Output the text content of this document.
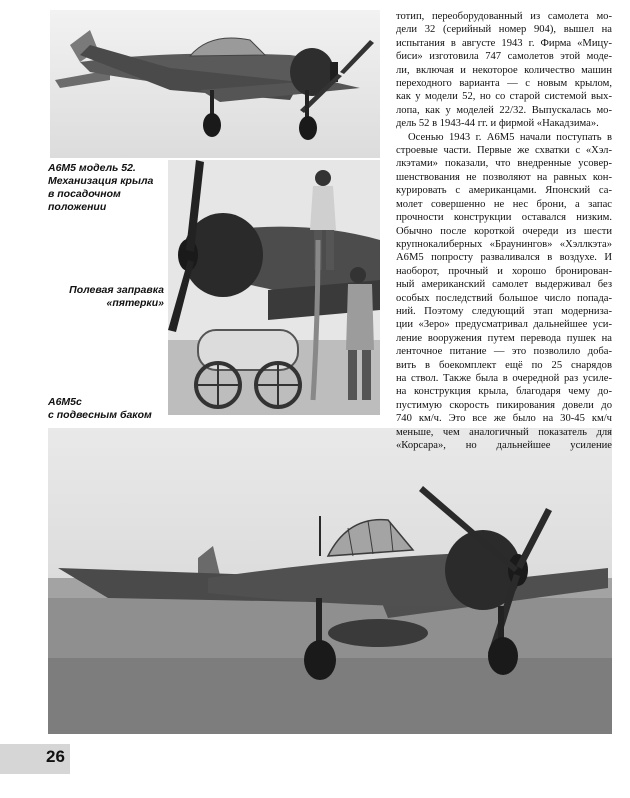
A6M5 модель 52.
Механизация крыла
в посадочном
положении
Полевая заправка
«пятерки»
A6M5c
с подвесным баком
тотип, переоборудованный из самолета мо-
дели 32 (серийный номер 904), вышел на
испытания в августе 1943 г. Фирма «Мицу-
биси» изготовила 747 самолетов этой моде-
ли, включая и некоторое количество машин
переходного варианта — с новым крылом,
как у модели 52, но со старой системой вых-
лопа, как у моделей 22/32. Выпускалась мо-
дель 52 в 1943-44 гг. и фирмой «Накадзима».
Осенью 1943 г. A6M5 начали поступать в
строевые части. Первые же схватки с «Хэл-
лкэтами» показали, что внедренные усовер-
шенствования не позволяют на равных кон-
курировать с американцами. Японский са-
молет совершенно не нес брони, а запас
прочности конструкции оставался низким.
Обычно после короткой очереди из шести
крупнокалиберных «Браунингов» «Хэллкэта»
A6M5 попросту разваливался в воздухе. И
наоборот, прочный и хорошо бронирован-
ный американский самолет выдерживал без
особых последствий большое число попада-
ний. Поэтому следующий этап модерниза-
ции «Зеро» предусматривал дальнейшее уси-
ление вооружения путем перевода пушек на
ленточное питание — это позволило доба-
вить в боекомплект ещё по 25 снарядов
на ствол. Также была в очередной раз усиле-
на конструкция крыла, благодаря чему до-
пустимую скорость пикирования довели до
740 км/ч. Это все же было на 30-45 км/ч
меньше, чем аналогичный показатель для
«Корсара», но дальнейшее усиление
26
